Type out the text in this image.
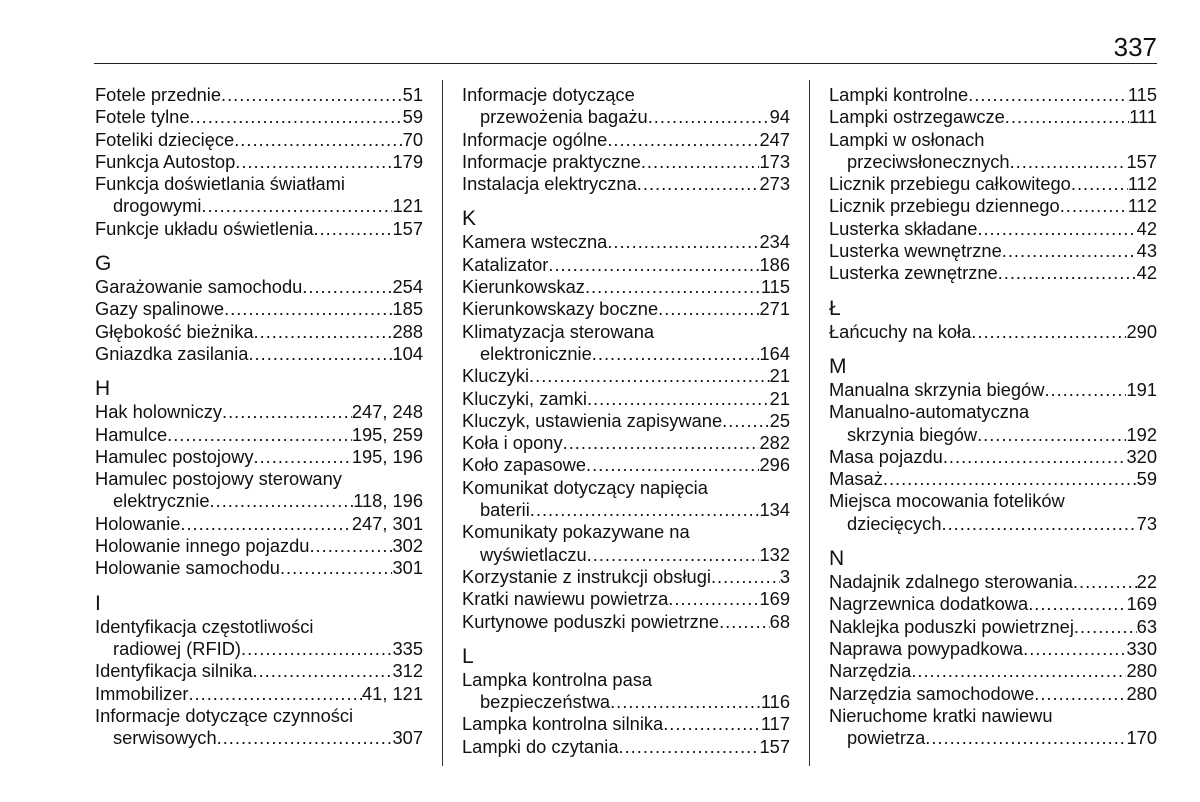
337
Fotele przednie .....	51
Fotele tylne .....	59
Foteliki dziecięce .....	70
Funkcja Autostop .....	179
Funkcja doświetlania światłami
drogowymi .....	121
Funkcje układu oświetlenia .....	157
G
Garażowanie samochodu .....	254
Gazy spalinowe .....	185
Głębokość bieżnika .....	288
Gniazdka zasilania .....	104
H
Hak holowniczy .....	247, 248
Hamulce .....	195, 259
Hamulec postojowy .....	195, 196
Hamulec postojowy sterowany
elektrycznie .....	118, 196
Holowanie .....	247, 301
Holowanie innego pojazdu .....	302
Holowanie samochodu .....	301
I
Identyfikacja częstotliwości
radiowej (RFID) .....	335
Identyfikacja silnika .....	312
Immobilizer .....	41, 121
Informacje dotyczące czynności
serwisowych .....	307
Informacje dotyczące
przewożenia bagażu .....	94
Informacje ogólne .....	247
Informacje praktyczne .....	173
Instalacja elektryczna .....	273
K
Kamera wsteczna .....	234
Katalizator .....	186
Kierunkowskaz .....	115
Kierunkowskazy boczne .....	271
Klimatyzacja sterowana
elektronicznie .....	164
Kluczyki .....	21
Kluczyki, zamki .....	21
Kluczyk, ustawienia zapisywane .....	25
Koła i opony .....	282
Koło zapasowe .....	296
Komunikat dotyczący napięcia
baterii .....	134
Komunikaty pokazywane na
wyświetlaczu .....	132
Korzystanie z instrukcji obsługi .....	3
Kratki nawiewu powietrza .....	169
Kurtynowe poduszki powietrzne .....	68
L
Lampka kontrolna pasa
bezpieczeństwa .....	116
Lampka kontrolna silnika .....	117
Lampki do czytania .....	157
Lampki kontrolne .....	115
Lampki ostrzegawcze .....	111
Lampki w osłonach
przeciwsłonecznych .....	157
Licznik przebiegu całkowitego .....	112
Licznik przebiegu dziennego .....	112
Lusterka składane .....	42
Lusterka wewnętrzne .....	43
Lusterka zewnętrzne .....	42
Ł
Łańcuchy na koła .....	290
M
Manualna skrzynia biegów .....	191
Manualno-automatyczna
skrzynia biegów .....	192
Masa pojazdu .....	320
Masaż .....	59
Miejsca mocowania fotelików
dziecięcych .....	73
N
Nadajnik zdalnego sterowania .....	22
Nagrzewnica dodatkowa .....	169
Naklejka poduszki powietrznej .....	63
Naprawa powypadkowa .....	330
Narzędzia .....	280
Narzędzia samochodowe .....	280
Nieruchome kratki nawiewu
powietrza .....	170
